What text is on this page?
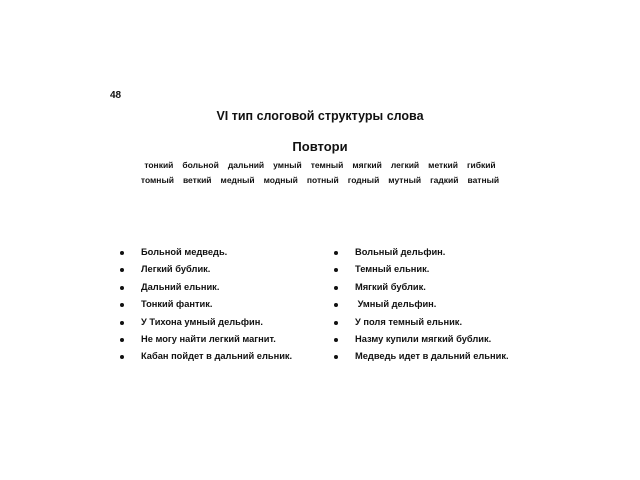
48
VI тип слоговой структуры слова
Повтори
тонкий больной дальний умный темный мягкий легкий меткий гибкий
томный веткий медный модный потный годный мутный гадкий ватный
Больной медведь.
Легкий бублик.
Дальний ельник.
Тонкий фантик.
У Тихона умный дельфин.
Не могу найти легкий магнит.
Кабан пойдет в дальний ельник.
Вольный дельфин.
Темный ельник.
Мягкий бублик.
Умный дельфин.
У поля темный ельник.
Назму купили мягкий бублик.
Медведь идет в дальний ельник.
